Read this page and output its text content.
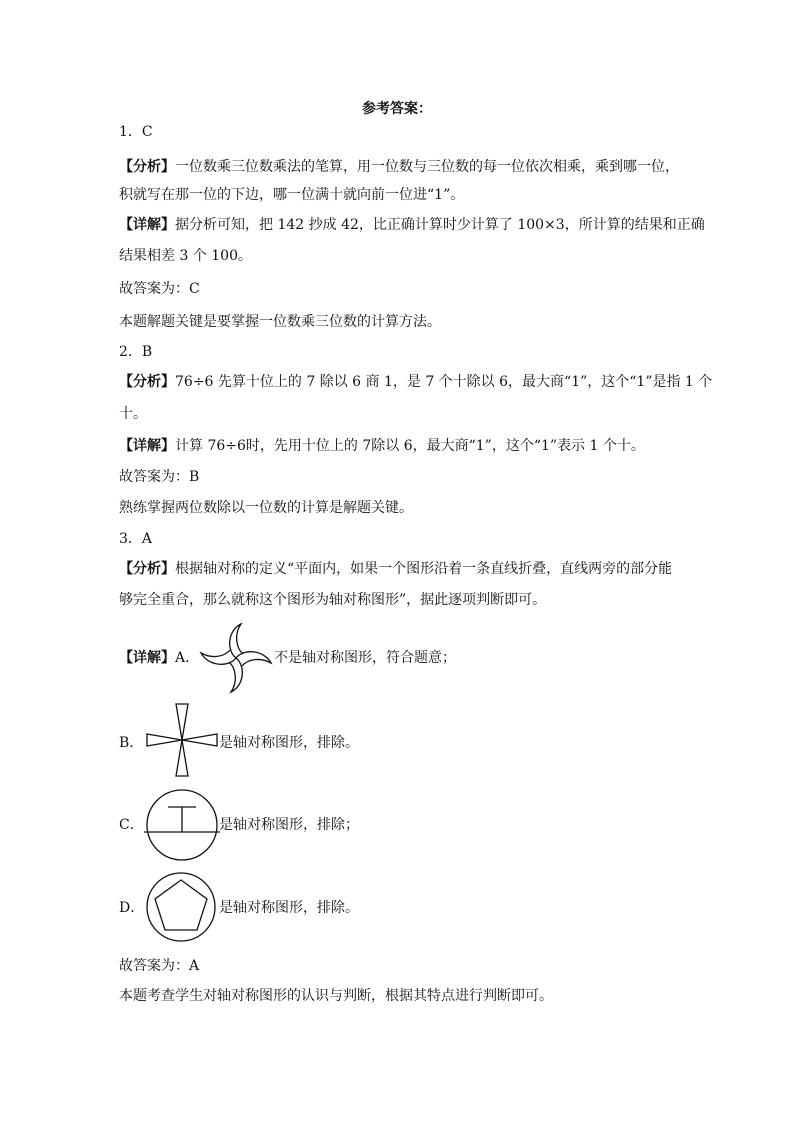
参考答案：
1．C
【分析】一位数乘三位数乘法的笔算，用一位数与三位数的每一位依次相乘，乘到哪一位，
积就写在那一位的下边，哪一位满十就向前一位进“1”。
【详解】据分析可知，把 142 抄成 42，比正确计算时少计算了 100×3，所计算的结果和正确
结果相差 3 个 100。
故答案为：C
本题解题关键是要掌握一位数乘三位数的计算方法。
2．B
【分析】76÷6 先算十位上的 7 除以 6 商 1，是 7 个十除以 6，最大商“1”，这个“1”是指 1 个
十。
【详解】计算 76÷6时，先用十位上的 7除以 6，最大商“1”，这个“1”表示 1 个十。
故答案为：B
熟练掌握两位数除以一位数的计算是解题关键。
3．A
【分析】根据轴对称的定义“平面内，如果一个图形沿着一条直线折叠，直线两旁的部分能
够完全重合，那么就称这个图形为轴对称图形”，据此逐项判断即可。
【详解】A．	不是轴对称图形，符合题意；
B．	是轴对称图形，排除。
C．	是轴对称图形，排除；
D．	是轴对称图形，排除。
故答案为：A
本题考查学生对轴对称图形的认识与判断，根据其特点进行判断即可。
